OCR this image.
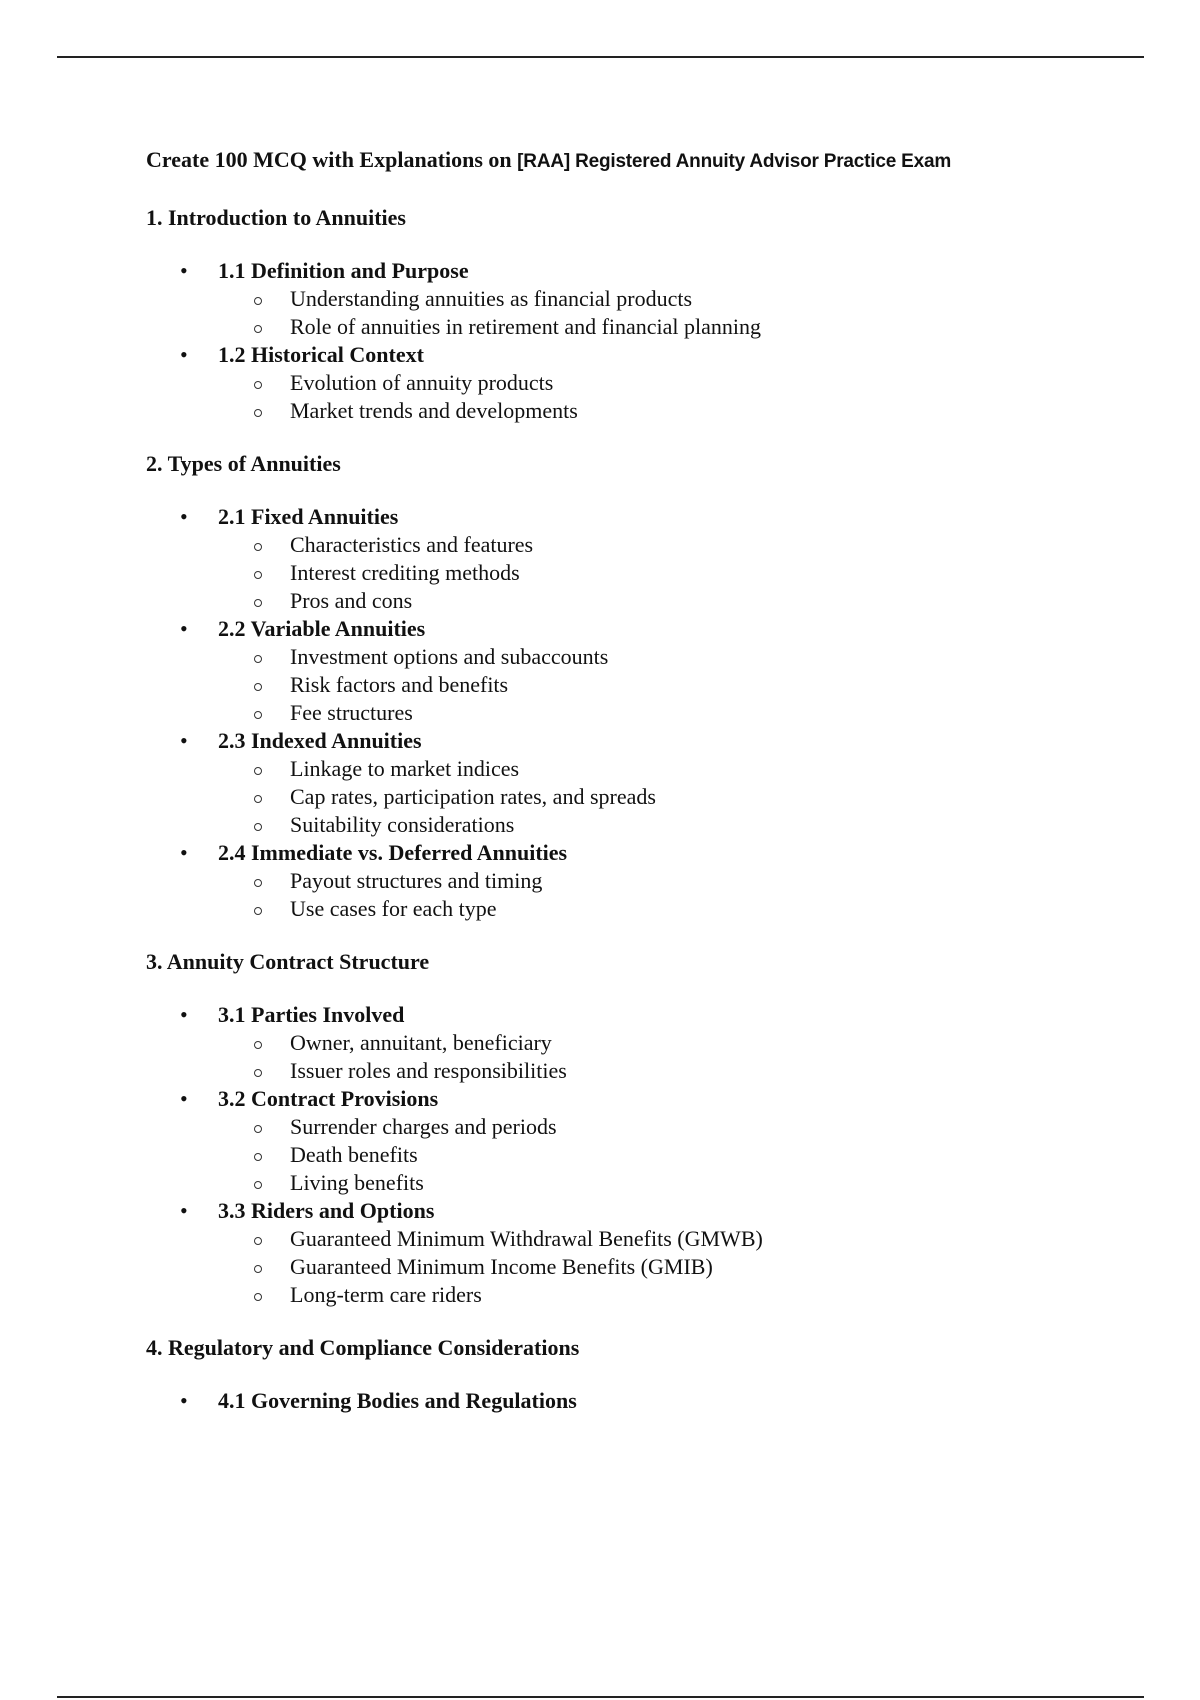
Create 100 MCQ with Explanations on [RAA] Registered Annuity Advisor Practice Exam

1. Introduction to Annuities

• 1.1 Definition and Purpose
Understanding annuities as financial products
Role of annuities in retirement and financial planning
• 1.2 Historical Context
Evolution of annuity products
Market trends and developments

2. Types of Annuities

• 2.1 Fixed Annuities
Characteristics and features
Interest crediting methods
Pros and cons
• 2.2 Variable Annuities
Investment options and subaccounts
Risk factors and benefits
Fee structures
• 2.3 Indexed Annuities
Linkage to market indices
Cap rates, participation rates, and spreads
Suitability considerations
• 2.4 Immediate vs. Deferred Annuities
Payout structures and timing
Use cases for each type

3. Annuity Contract Structure

• 3.1 Parties Involved
Owner, annuitant, beneficiary
Issuer roles and responsibilities
• 3.2 Contract Provisions
Surrender charges and periods
Death benefits
Living benefits
• 3.3 Riders and Options
Guaranteed Minimum Withdrawal Benefits (GMWB)
Guaranteed Minimum Income Benefits (GMIB)
Long-term care riders

4. Regulatory and Compliance Considerations

• 4.1 Governing Bodies and Regulations
